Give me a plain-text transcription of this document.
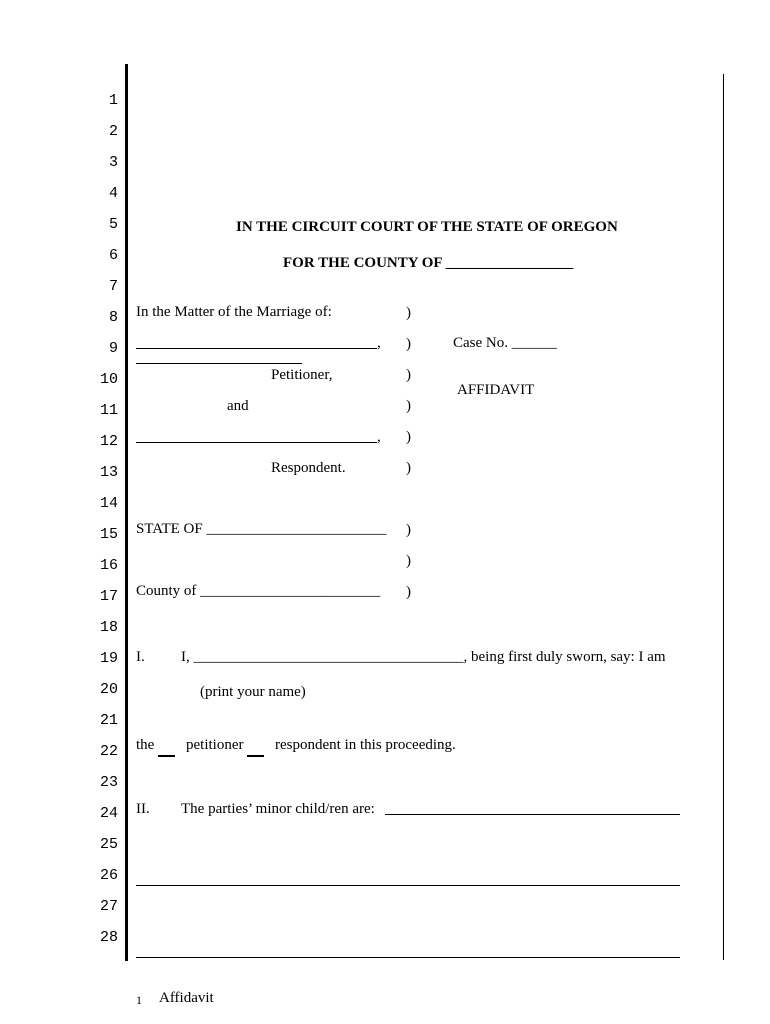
1
2
3
4
5
6
7
8
9
10
11
12
13
14
15
16
17
18
19
20
21
22
23
24
25
26
27
28
IN THE CIRCUIT COURT OF THE STATE OF OREGON
FOR THE COUNTY OF _________________
In the Matter of the Marriage of:
,
Petitioner,
and
,
Respondent.
)
)
)
)
)
)
Case No. ______
AFFIDAVIT
STATE OF ________________________ )
)
County of ________________________ )
I. I, ____________________________________, being first duly sworn, say: I am
(print your name)
the petitioner respondent in this proceeding.
II. The parties’ minor child/ren are:
1 Affidavit
